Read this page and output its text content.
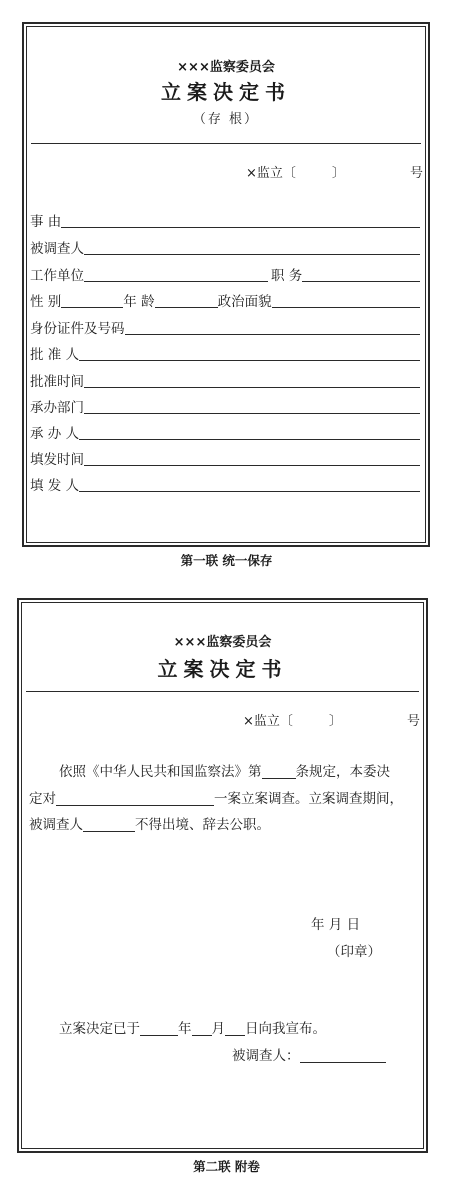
×××监察委员会
立案决定书
（存 根）
×监立〔	〕	号
事 由
被调查人
工作单位	职 务
性 别	年 龄	政治面貌
身份证件及号码
批 准 人
批准时间
承办部门
承 办 人
填发时间
填 发 人
第一联 统一保存
×××监察委员会
立案决定书
×监立〔	〕	号
依照《中华人民共和国监察法》第	条规定，本委决
定对	一案立案调查。立案调查期间，
被调查人	不得出境、辞去公职。
年 月 日
（印章）
立案决定已于	年 月 日向我宣布。
被调查人：
第二联 附卷
